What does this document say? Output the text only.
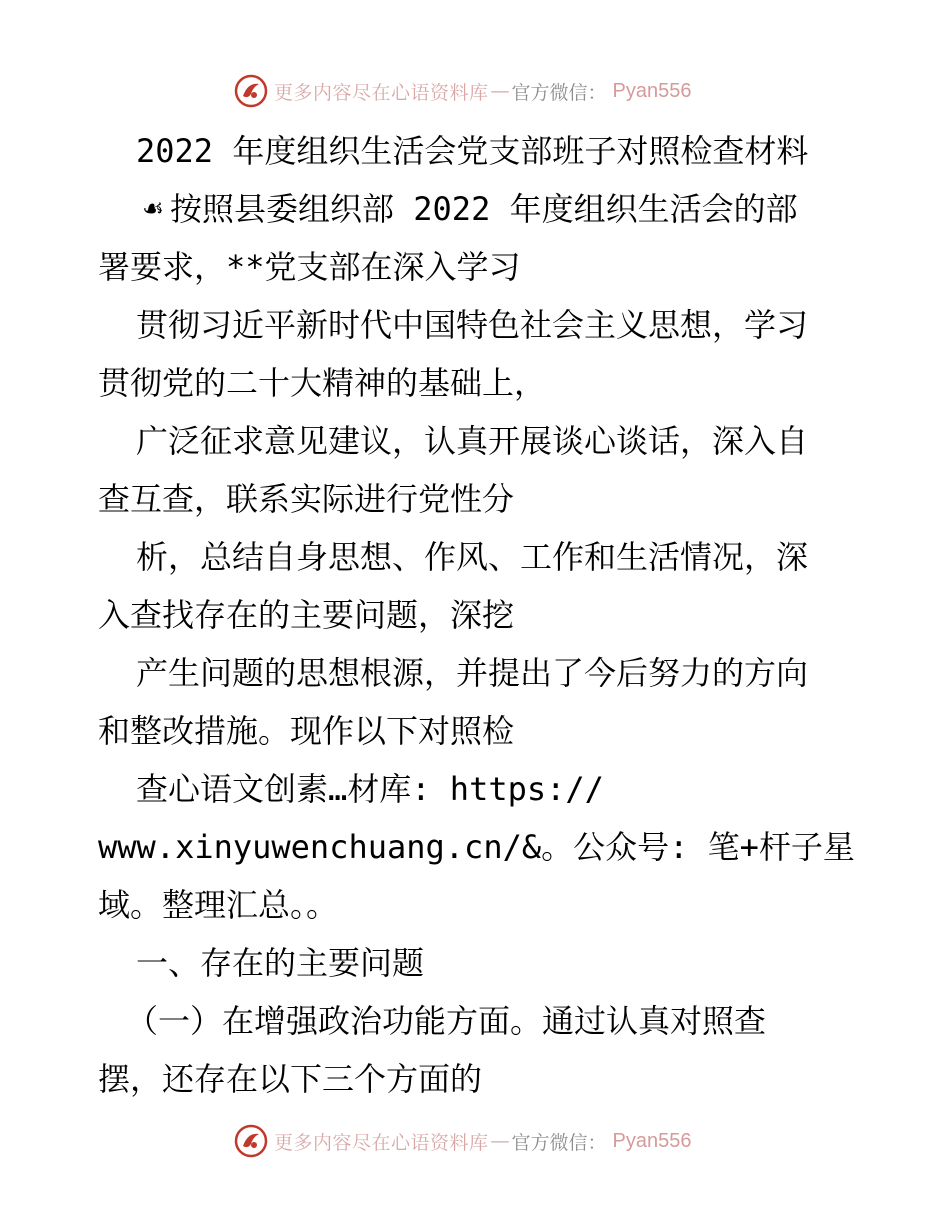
更多内容尽在心语资料库 — 官方微信： Pyan556
2022 年度组织生活会党支部班子对照检查材料
☙ 按照县委组织部 2022 年度组织生活会的部
署要求，**党支部在深入学习
贯彻习近平新时代中国特色社会主义思想，学习
贯彻党的二十大精神的基础上，
广泛征求意见建议，认真开展谈心谈话，深入自
查互查，联系实际进行党性分
析，总结自身思想、作风、工作和生活情况，深
入查找存在的主要问题，深挖
产生问题的思想根源，并提出了今后努力的方向
和整改措施。现作以下对照检
查心语文创素…材库: https://
www.xinyuwenchuang.cn/&。公众号: 笔+杆子星
域。整理汇总。。
一、存在的主要问题
（一）在增强政治功能方面。通过认真对照查
摆，还存在以下三个方面的
更多内容尽在心语资料库 — 官方微信： Pyan556
